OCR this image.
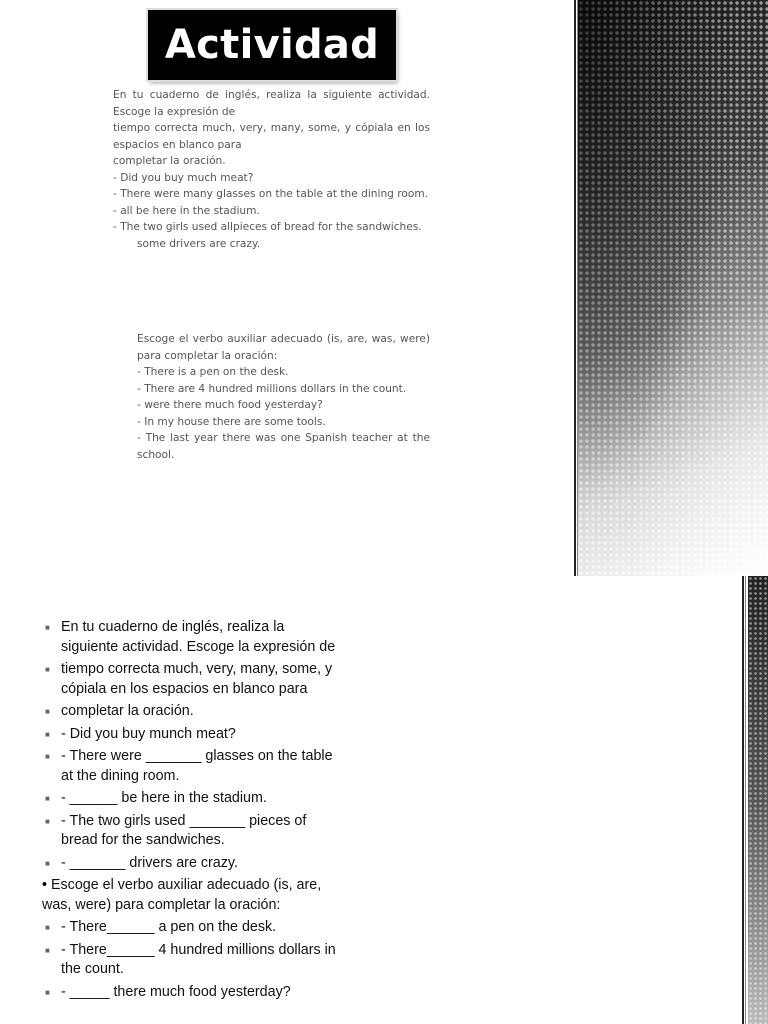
Actividad

En tu cuaderno de inglés, realiza la siguiente actividad. Escoge la expresión de

tiempo correcta much, very, many, some, y cópiala en los espacios en blanco para

completar la oración.

- Did you buy much meat?

- There were many glasses on the table at the dining room.

- all be here in the stadium.

- The two girls used allpieces of bread for the sandwiches.

some drivers are crazy.
Escoge el verbo auxiliar adecuado (is, are, was, were) para completar la oración:
- There is a pen on the desk.
- There are 4 hundred millions dollars in the count.
- were there much food yesterday?
- In my house there are some tools.
- The last year there was one Spanish teacher at the school.
■ En tu cuaderno de inglés, realiza la siguiente actividad. Escoge la expresión de
■ tiempo correcta much, very, many, some, y cópiala en los espacios en blanco para
■ completar la oración.
■ - Did you buy munch meat?
■ - There were _______ glasses on the table at the dining room.
■ - ______ be here in the stadium.
■ - The two girls used _______ pieces of bread for the sandwiches.
■ - _______ drivers are crazy.
• Escoge el verbo auxiliar adecuado (is, are, was, were) para completar la oración:
■ - There______ a pen on the desk.
■ - There______ 4 hundred millions dollars in the count.
■ - _____ there much food yesterday?
